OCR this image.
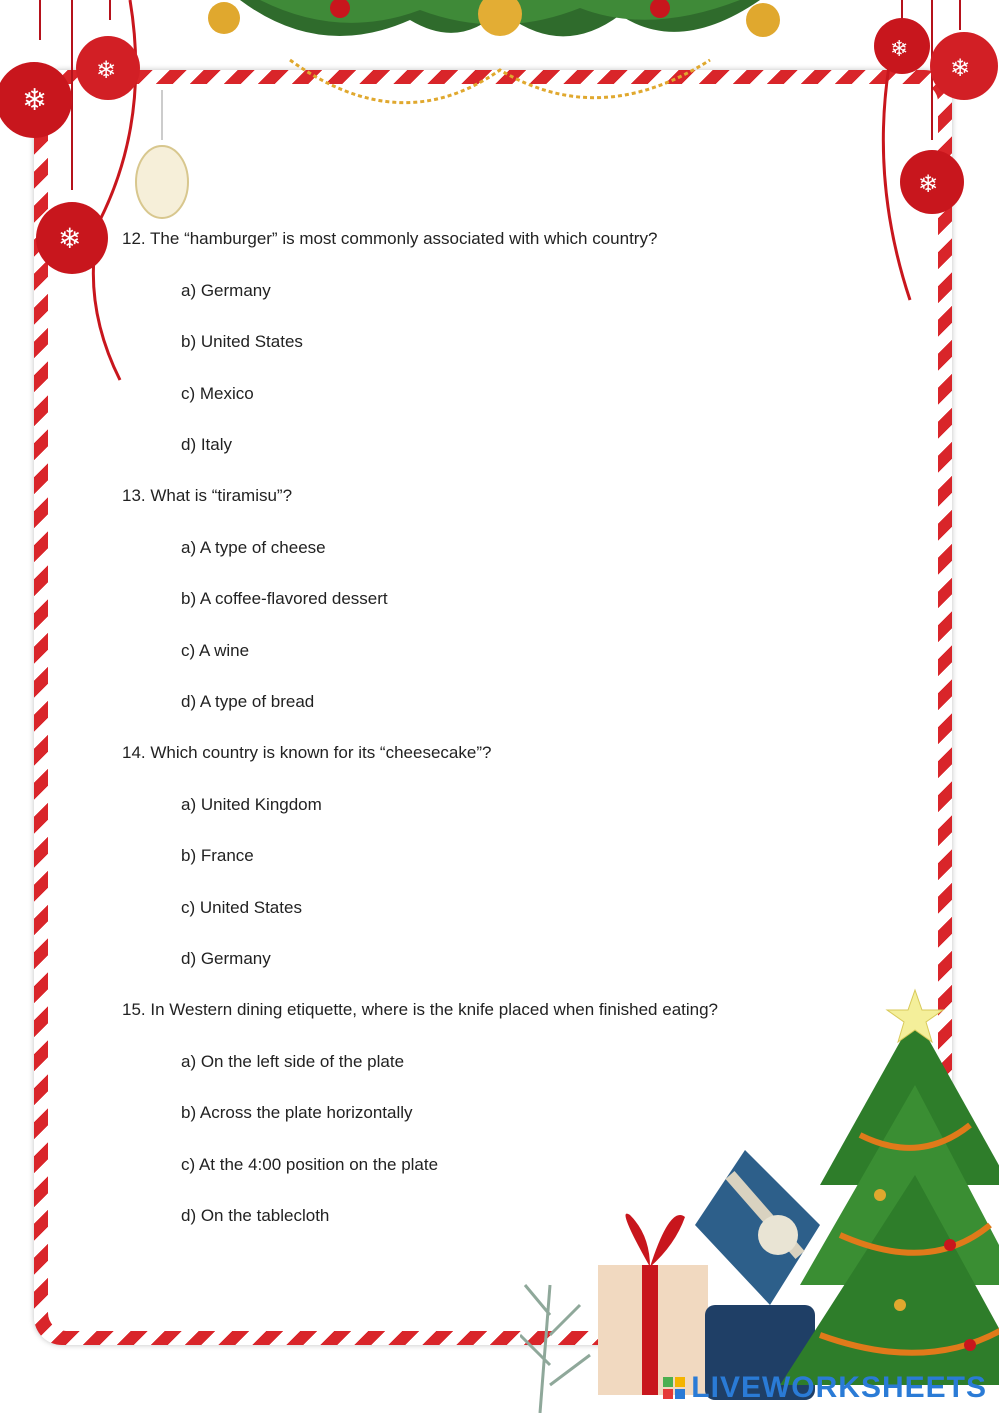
❄
❄
❄
❄
❄
❄
12. The “hamburger” is most commonly associated with which country?
a) Germany
b) United States
c) Mexico
d) Italy
13. What is “tiramisu”?
a) A type of cheese
b) A coffee-flavored dessert
c) A wine
d) A type of bread
14. Which country is known for its “cheesecake”?
a) United Kingdom
b) France
c) United States
d) Germany
15. In Western dining etiquette, where is the knife placed when finished eating?
a) On the left side of the plate
b) Across the plate horizontally
c) At the 4:00 position on the plate
d) On the tablecloth
LIVEWORKSHEETS
